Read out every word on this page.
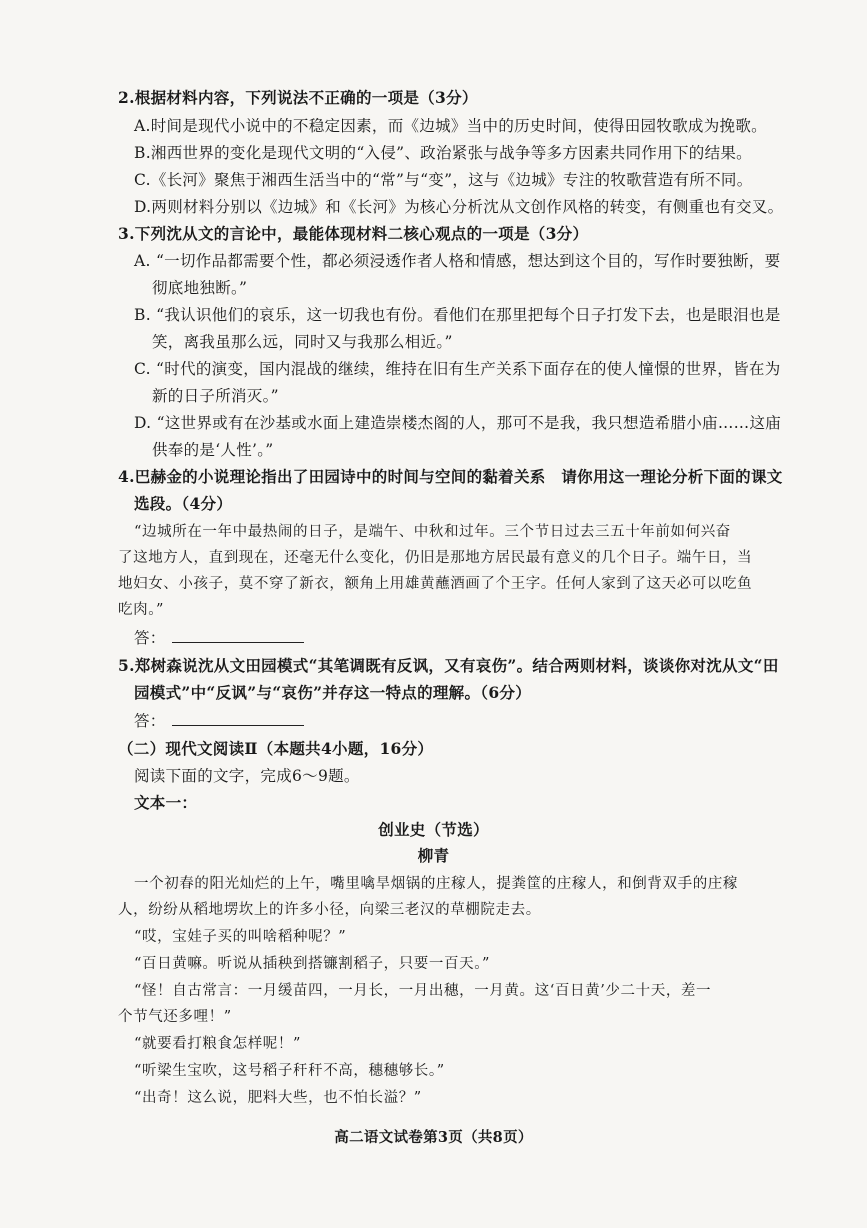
2.根据材料内容，下列说法不正确的一项是（3分）
A.时间是现代小说中的不稳定因素，而《边城》当中的历史时间，使得田园牧歌成为挽歌。
B.湘西世界的变化是现代文明的“入侵”、政治紧张与战争等多方因素共同作用下的结果。
C.《长河》聚焦于湘西生活当中的“常”与“变”，这与《边城》专注的牧歌营造有所不同。
D.两则材料分别以《边城》和《长河》为核心分析沈从文创作风格的转变，有侧重也有交叉。
3.下列沈从文的言论中，最能体现材料二核心观点的一项是（3分）
A. “一切作品都需要个性，都必须浸透作者人格和情感，想达到这个目的，写作时要独断，要
彻底地独断。”
B. “我认识他们的哀乐，这一切我也有份。看他们在那里把每个日子打发下去，也是眼泪也是
笑，离我虽那么远，同时又与我那么相近。”
C. “时代的演变，国内混战的继续，维持在旧有生产关系下面存在的使人憧憬的世界，皆在为
新的日子所消灭。”
D. “这世界或有在沙基或水面上建造崇楼杰阁的人，那可不是我，我只想造希腊小庙……这庙
供奉的是‘人性’。”
4.巴赫金的小说理论指出了田园诗中的时间与空间的黏着关系　请你用这一理论分析下面的课文
选段。（4分）
“边城所在一年中最热闹的日子，是端午、中秋和过年。三个节日过去三五十年前如何兴奋
了这地方人，直到现在，还毫无什么变化，仍旧是那地方居民最有意义的几个日子。端午日，当
地妇女、小孩子，莫不穿了新衣，额角上用雄黄蘸酒画了个王字。任何人家到了这天必可以吃鱼
吃肉。”
答：
5.郑树森说沈从文田园模式“其笔调既有反讽，又有哀伤”。结合两则材料，谈谈你对沈从文“田
园模式”中“反讽”与“哀伤”并存这一特点的理解。（6分）
答：
（二）现代文阅读Ⅱ（本题共4小题，16分）
阅读下面的文字，完成6～9题。
文本一：
创业史（节选）
柳青
一个初春的阳光灿烂的上午，嘴里噙旱烟锅的庄稼人，提粪筐的庄稼人，和倒背双手的庄稼
人，纷纷从稻地塄坎上的许多小径，向梁三老汉的草棚院走去。
“哎，宝娃子买的叫啥稻种呢？”
“百日黄嘛。听说从插秧到搭镰割稻子，只要一百天。”
“怪！自古常言：一月缓苗四，一月长，一月出穗，一月黄。这‘百日黄’少二十天，差一
个节气还多哩！”
“就要看打粮食怎样呢！”
“听梁生宝吹，这号稻子秆秆不高，穗穗够长。”
“出奇！这么说，肥料大些，也不怕长溢？”
高二语文试卷第3页（共8页）
